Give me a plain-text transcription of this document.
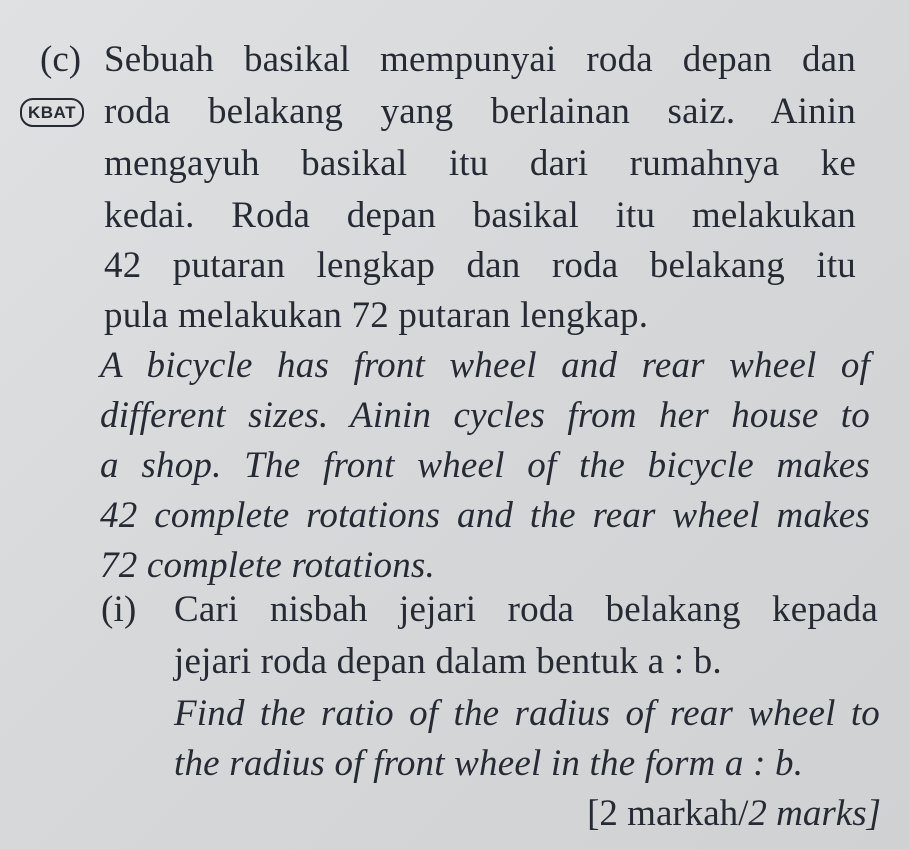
(c)
KBAT
Sebuah basikal mempunyai roda depan dan
roda belakang yang berlainan saiz. Ainin
mengayuh basikal itu dari rumahnya ke
kedai. Roda depan basikal itu melakukan
42 putaran lengkap dan roda belakang itu
pula melakukan 72 putaran lengkap.
A bicycle has front wheel and rear wheel of
different sizes. Ainin cycles from her house to
a shop. The front wheel of the bicycle makes
42 complete rotations and the rear wheel makes
72 complete rotations.
(i) Cari nisbah jejari roda belakang kepada
jejari roda depan dalam bentuk a : b.
Find the ratio of the radius of rear wheel to
the radius of front wheel in the form a : b.
[2 markah/2 marks]
